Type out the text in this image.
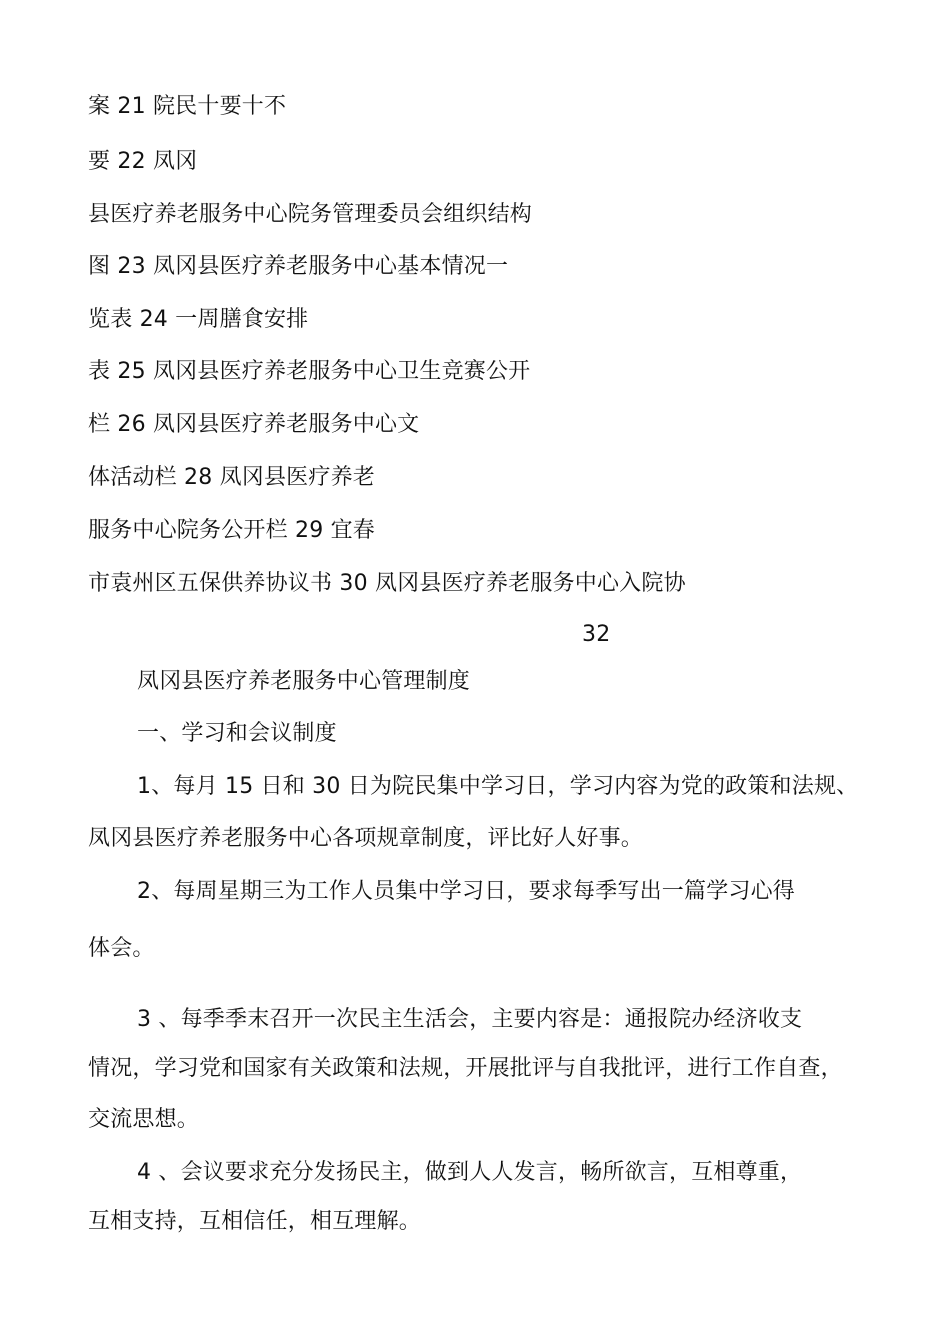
案 21 院民十要十不
要 22 凤冈
县医疗养老服务中心院务管理委员会组织结构
图 23 凤冈县医疗养老服务中心基本情况一
览表 24 一周膳食安排
表 25 凤冈县医疗养老服务中心卫生竞赛公开
栏 26 凤冈县医疗养老服务中心文
体活动栏 28 凤冈县医疗养老
服务中心院务公开栏 29 宜春
市袁州区五保供养协议书 30 凤冈县医疗养老服务中心入院协
32
凤冈县医疗养老服务中心管理制度
一、学习和会议制度
1、每月 15 日和 30 日为院民集中学习日，学习内容为党的政策和法规、
凤冈县医疗养老服务中心各项规章制度，评比好人好事。
2、每周星期三为工作人员集中学习日，要求每季写出一篇学习心得
体会。
3 、每季季末召开一次民主生活会，主要内容是：通报院办经济收支
情况，学习党和国家有关政策和法规，开展批评与自我批评，进行工作自查，
交流思想。
4 、会议要求充分发扬民主，做到人人发言，畅所欲言，互相尊重，
互相支持，互相信任，相互理解。
